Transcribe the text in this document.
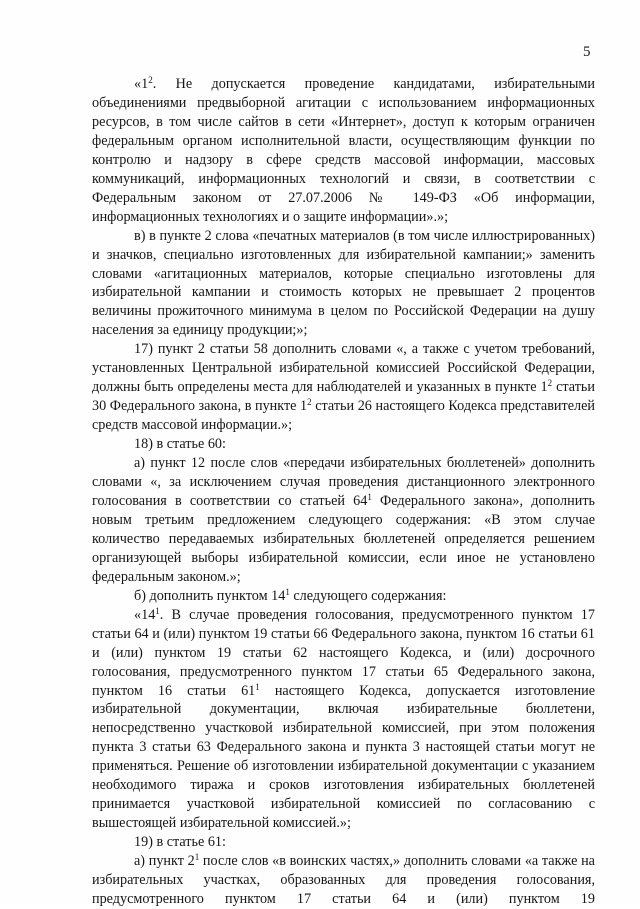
5

«$1^2$. Не допускается проведение кандидатами, избирательными объединениями предвыборной агитации с использованием информационных ресурсов, в том числе сайтов в сети «Интернет», доступ к которым ограничен федеральным органом исполнительной власти, осуществляющим функции по контролю и надзору в сфере средств массовой информации, массовых коммуникаций, информационных технологий и связи, в соответствии с Федеральным законом от 27.07.2006 № 149-ФЗ «Об информации, информационных технологиях и о защите информации».»;

в) в пункте 2 слова «печатных материалов (в том числе иллюстрированных) и значков, специально изготовленных для избирательной кампании;» заменить словами «агитационных материалов, которые специально изготовлены для избирательной кампании и стоимость которых не превышает 2 процентов величины прожиточного минимума в целом по Российской Федерации на душу населения за единицу продукции;»;

17) пункт 2 статьи 58 дополнить словами «, а также с учетом требований, установленных Центральной избирательной комиссией Российской Федерации, должны быть определены места для наблюдателей и указанных в пункте $1^2$ статьи 30 Федерального закона, в пункте $1^2$ статьи 26 настоящего Кодекса представителей средств массовой информации.»;

18) в статье 60:

а) пункт 12 после слов «передачи избирательных бюллетеней» дополнить словами «, за исключением случая проведения дистанционного электронного голосования в соответствии со статьей $64^1$ Федерального закона», дополнить новым третьим предложением следующего содержания: «В этом случае количество передаваемых избирательных бюллетеней определяется решением организующей выборы избирательной комиссии, если иное не установлено федеральным законом.»;

б) дополнить пунктом $14^1$ следующего содержания:

«$14^1$. В случае проведения голосования, предусмотренного пунктом 17 статьи 64 и (или) пунктом 19 статьи 66 Федерального закона, пунктом 16 статьи 61 и (или) пунктом 19 статьи 62 настоящего Кодекса, и (или) досрочного голосования, предусмотренного пунктом 17 статьи 65 Федерального закона, пунктом 16 статьи $61^1$ настоящего Кодекса, допускается изготовление избирательной документации, включая избирательные бюллетени, непосредственно участковой избирательной комиссией, при этом положения пункта 3 статьи 63 Федерального закона и пункта 3 настоящей статьи могут не применяться. Решение об изготовлении избирательной документации с указанием необходимого тиража и сроков изготовления избирательных бюллетеней принимается участковой избирательной комиссией по согласованию с вышестоящей избирательной комиссией.»;

19) в статье 61:

а) пункт $2^1$ после слов «в воинских частях,» дополнить словами «а также на избирательных участках, образованных для проведения голосования, предусмотренного пунктом 17 статьи 64 и (или) пунктом 19
